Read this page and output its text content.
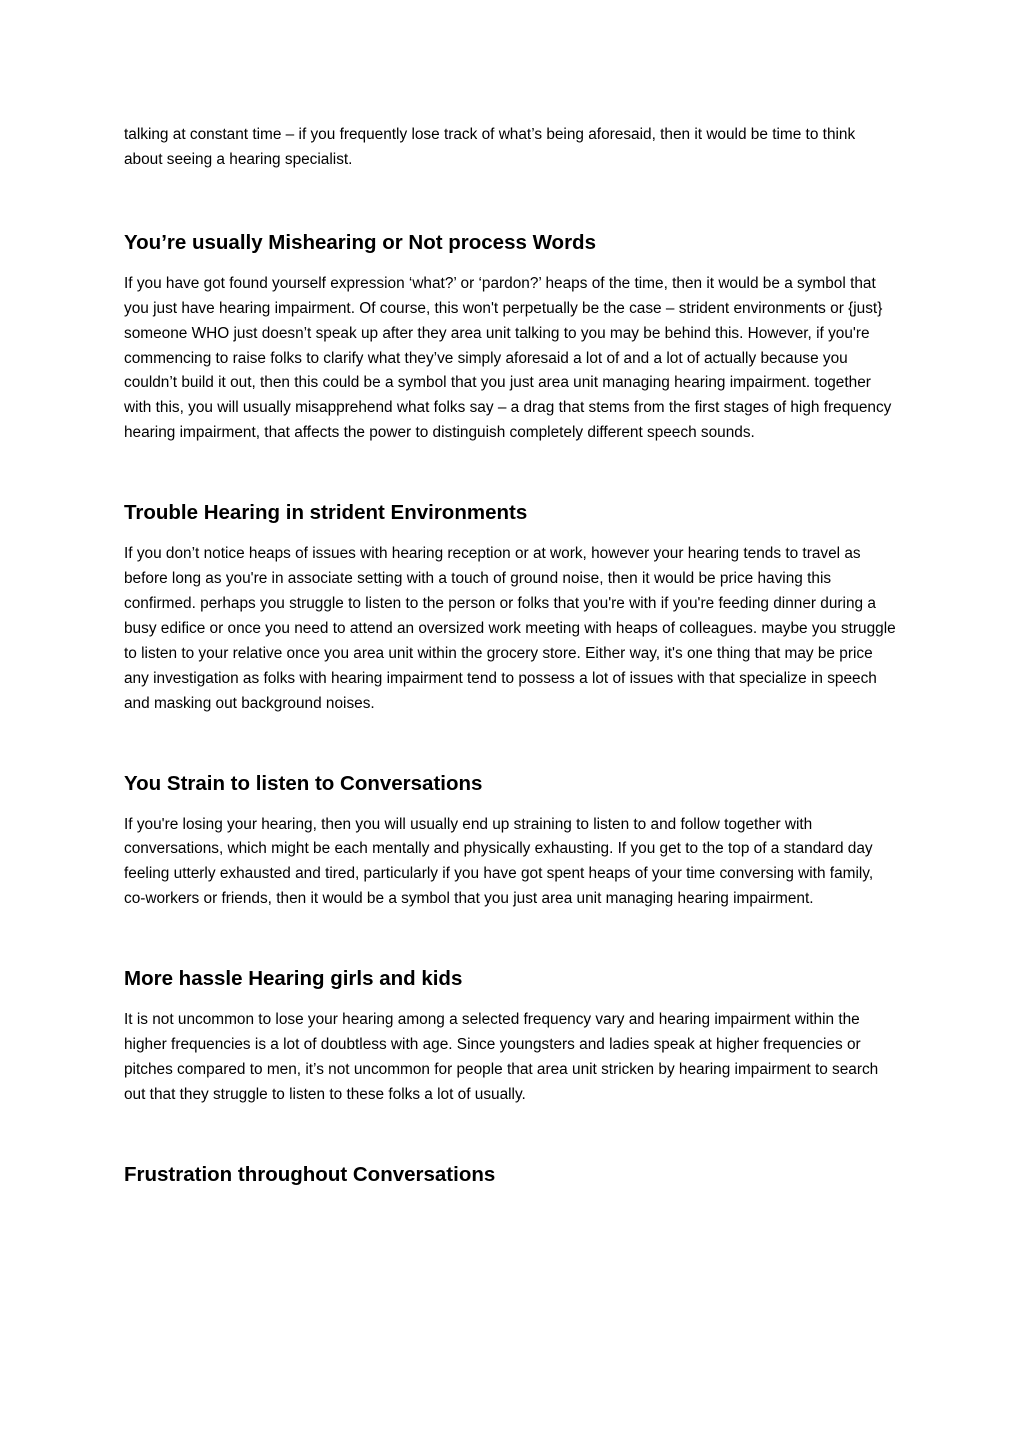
talking at constant time – if you frequently lose track of what’s being aforesaid, then it would be time to think about seeing a hearing specialist.

You’re usually Mishearing or Not process Words

If you have got found yourself expression ‘what?’ or ‘pardon?’ heaps of the time, then it would be a symbol that you just have hearing impairment. Of course, this won't perpetually be the case – strident environments or {just} someone WHO just doesn’t speak up after they area unit talking to you may be behind this. However, if you're commencing to raise folks to clarify what they’ve simply aforesaid a lot of and a lot of actually because you couldn’t build it out, then this could be a symbol that you just area unit managing hearing impairment. together with this, you will usually misapprehend what folks say – a drag that stems from the first stages of high frequency hearing impairment, that affects the power to distinguish completely different speech sounds.

Trouble Hearing in strident Environments

If you don’t notice heaps of issues with hearing reception or at work, however your hearing tends to travel as before long as you're in associate setting with a touch of ground noise, then it would be price having this confirmed. perhaps you struggle to listen to the person or folks that you're with if you're feeding dinner during a busy edifice or once you need to attend an oversized work meeting with heaps of colleagues. maybe you struggle to listen to your relative once you area unit within the grocery store. Either way, it's one thing that may be price any investigation as folks with hearing impairment tend to possess a lot of issues with that specialize in speech and masking out background noises.

You Strain to listen to Conversations

If you're losing your hearing, then you will usually end up straining to listen to and follow together with conversations, which might be each mentally and physically exhausting. If you get to the top of a standard day feeling utterly exhausted and tired, particularly if you have got spent heaps of your time conversing with family, co-workers or friends, then it would be a symbol that you just area unit managing hearing impairment.

More hassle Hearing girls and kids

It is not uncommon to lose your hearing among a selected frequency vary and hearing impairment within the higher frequencies is a lot of doubtless with age. Since youngsters and ladies speak at higher frequencies or pitches compared to men, it’s not uncommon for people that area unit stricken by hearing impairment to search out that they struggle to listen to these folks a lot of usually.

Frustration throughout Conversations
